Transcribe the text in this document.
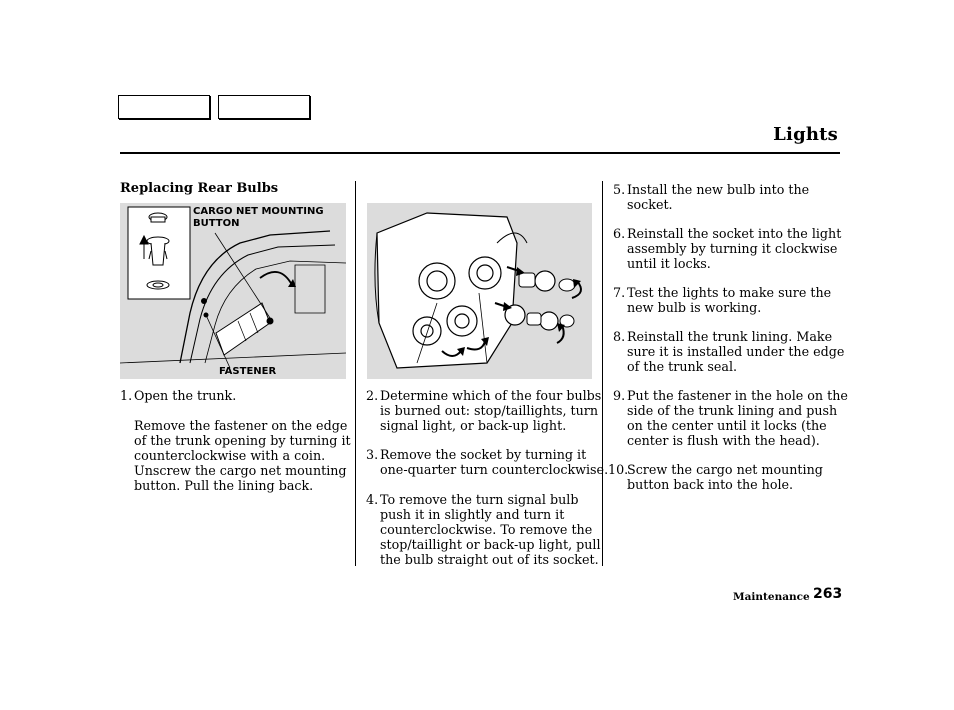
Lights
Replacing Rear Bulbs
CARGO NET MOUNTING
BUTTON
FASTENER
Open the trunk.
1.
Remove the fastener on the edge
of the trunk opening by turning it
counterclockwise with a coin.
Unscrew the cargo net mounting
button. Pull the lining back.
2. Determine which of the four bulbs
is burned out: stop/taillights, turn
signal light, or back-up light.
3. Remove the socket by turning it
one-quarter turn counterclockwise.
4. To remove the turn signal bulb
push it in slightly and turn it
counterclockwise. To remove the
stop/taillight or back-up light, pull
the bulb straight out of its socket.
5. Install the new bulb into the
socket.
6. Reinstall the socket into the light
assembly by turning it clockwise
until it locks.
7. Test the lights to make sure the
new bulb is working.
8. Reinstall the trunk lining. Make
sure it is installed under the edge
of the trunk seal.
9. Put the fastener in the hole on the
side of the trunk lining and push
on the center until it locks (the
center is flush with the head).
10.
Screw the cargo net mounting
button back into the hole.
Maintenance 263
